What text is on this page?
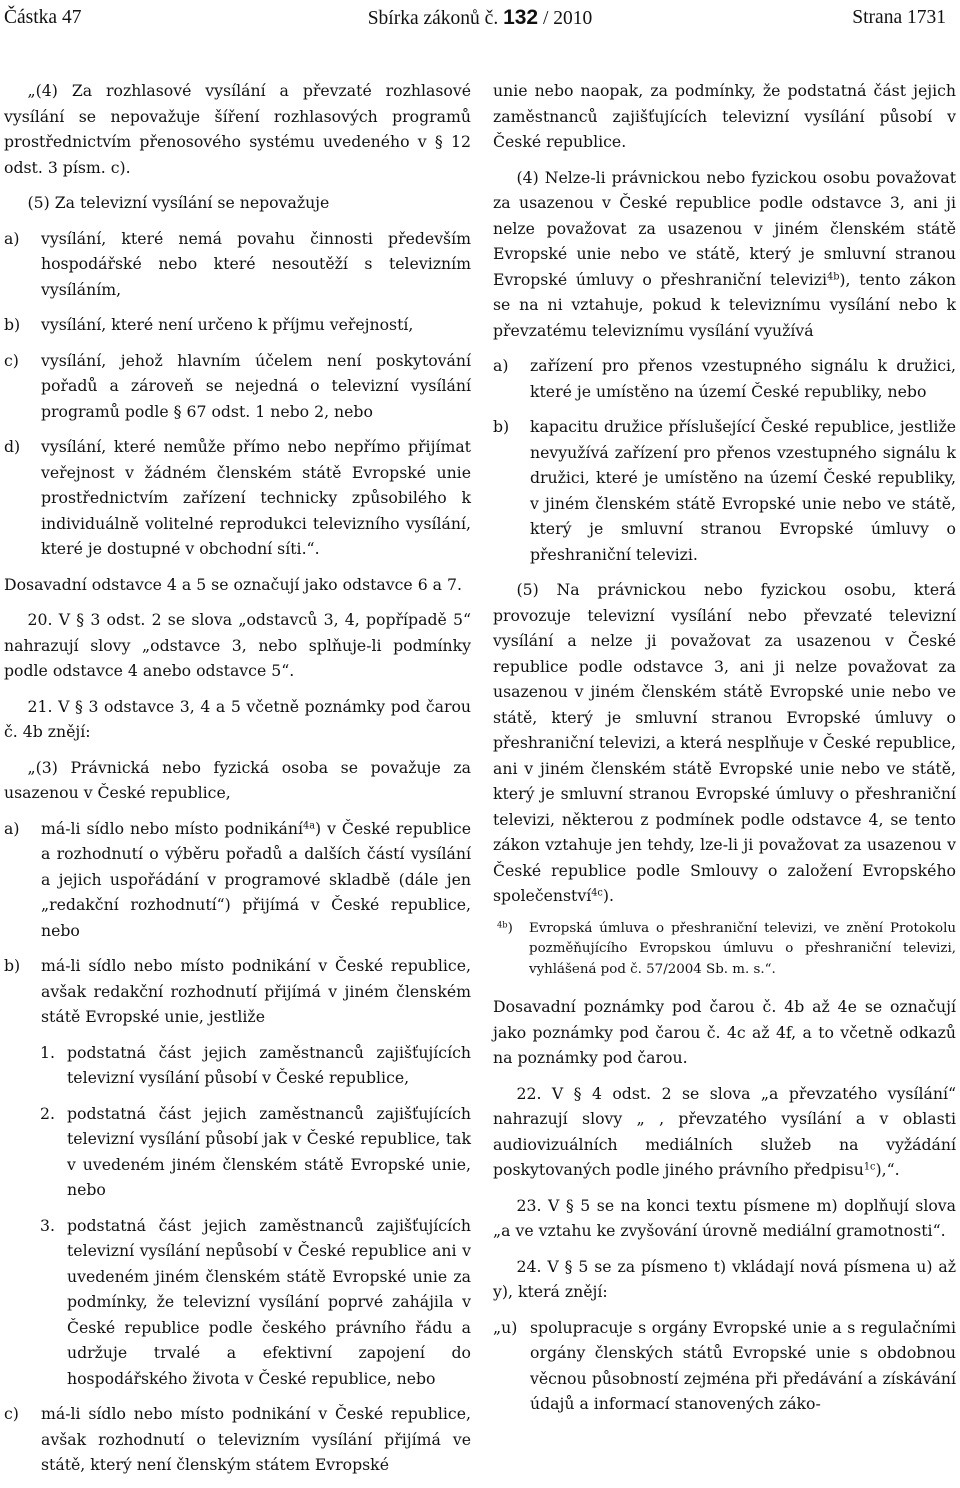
Částka 47	Sbírka zákonů č. 132 / 2010	Strana 1731

„(4) Za rozhlasové vysílání a převzaté rozhlasové vysílání se nepovažuje šíření rozhlasových programů prostřednictvím přenosového systému uvedeného v § 12 odst. 3 písm. c).

(5) Za televizní vysílání se nepovažuje

a)	vysílání, které nemá povahu činnosti především hospodářské nebo které nesoutěží s televizním vysíláním,
b)	vysílání, které není určeno k příjmu veřejností,
c)	vysílání, jehož hlavním účelem není poskytování pořadů a zároveň se nejedná o televizní vysílání programů podle § 67 odst. 1 nebo 2, nebo
d)	vysílání, které nemůže přímo nebo nepřímo přijímat veřejnost v žádném členském státě Evropské unie prostřednictvím zařízení technicky způsobilého k individuálně volitelné reprodukci televizního vysílání, které je dostupné v obchodní síti.“.

Dosavadní odstavce 4 a 5 se označují jako odstavce 6 a 7.

20. V § 3 odst. 2 se slova „odstavců 3, 4, popřípadě 5“ nahrazují slovy „odstavce 3, nebo splňuje-li podmínky podle odstavce 4 anebo odstavce 5“.

21. V § 3 odstavce 3, 4 a 5 včetně poznámky pod čarou č. 4b znějí:

„(3) Právnická nebo fyzická osoba se považuje za usazenou v České republice,

a)	má-li sídlo nebo místo podnikání$^{4a}$) v České republice a rozhodnutí o výběru pořadů a dalších částí vysílání a jejich uspořádání v programové skladbě (dále jen „redakční rozhodnutí“) přijímá v České republice, nebo
b)	má-li sídlo nebo místo podnikání v České republice, avšak redakční rozhodnutí přijímá v jiném členském státě Evropské unie, jestliže
1. podstatná část jejich zaměstnanců zajišťujících televizní vysílání působí v České republice,
2. podstatná část jejich zaměstnanců zajišťujících televizní vysílání působí jak v České republice, tak v uvedeném jiném členském státě Evropské unie, nebo
3. podstatná část jejich zaměstnanců zajišťujících televizní vysílání nepůsobí v České republice ani v uvedeném jiném členském státě Evropské unie za podmínky, že televizní vysílání poprvé zahájila v České republice podle českého právního řádu a udržuje trvalé a efektivní zapojení do hospodářského života v České republice, nebo
c)	má-li sídlo nebo místo podnikání v České republice, avšak rozhodnutí o televizním vysílání přijímá ve státě, který není členským státem Evropské

unie nebo naopak, za podmínky, že podstatná část jejich zaměstnanců zajišťujících televizní vysílání působí v České republice.

(4) Nelze-li právnickou nebo fyzickou osobu považovat za usazenou v České republice podle odstavce 3, ani ji nelze považovat za usazenou v jiném členském státě Evropské unie nebo ve státě, který je smluvní stranou Evropské úmluvy o přeshraniční televizi$^{4b}$), tento zákon se na ni vztahuje, pokud k televiznímu vysílání nebo k převzatému televiznímu vysílání využívá

a)	zařízení pro přenos vzestupného signálu k družici, které je umístěno na území České republiky, nebo
b)	kapacitu družice příslušející České republice, jestliže nevyužívá zařízení pro přenos vzestupného signálu k družici, které je umístěno na území České republiky, v jiném členském státě Evropské unie nebo ve státě, který je smluvní stranou Evropské úmluvy o přeshraniční televizi.

(5) Na právnickou nebo fyzickou osobu, která provozuje televizní vysílání nebo převzaté televizní vysílání a nelze ji považovat za usazenou v České republice podle odstavce 3, ani ji nelze považovat za usazenou v jiném členském státě Evropské unie nebo ve státě, který je smluvní stranou Evropské úmluvy o přeshraniční televizi, a která nesplňuje v České republice, ani v jiném členském státě Evropské unie nebo ve státě, který je smluvní stranou Evropské úmluvy o přeshraniční televizi, některou z podmínek podle odstavce 4, se tento zákon vztahuje jen tehdy, lze-li ji považovat za usazenou v České republice podle Smlouvy o založení Evropského společenství$^{4c}$).

$^{4b}$)	Evropská úmluva o přeshraniční televizi, ve znění Protokolu pozměňujícího Evropskou úmluvu o přeshraniční televizi, vyhlášená pod č. 57/2004 Sb. m. s.“.

Dosavadní poznámky pod čarou č. 4b až 4e se označují jako poznámky pod čarou č. 4c až 4f, a to včetně odkazů na poznámky pod čarou.

22. V § 4 odst. 2 se slova „a převzatého vysílání“ nahrazují slovy „ , převzatého vysílání a v oblasti audiovizuálních mediálních služeb na vyžádání poskytovaných podle jiného právního předpisu$^{1c}$),“.

23. V § 5 se na konci textu písmene m) doplňují slova „a ve vztahu ke zvyšování úrovně mediální gramotnosti“.

24. V § 5 se za písmeno t) vkládají nová písmena u) až y), která znějí:

„u) spolupracuje s orgány Evropské unie a s regulačními orgány členských států Evropské unie s obdobnou věcnou působností zejména při předávání a získávání údajů a informací stanovených záko-
